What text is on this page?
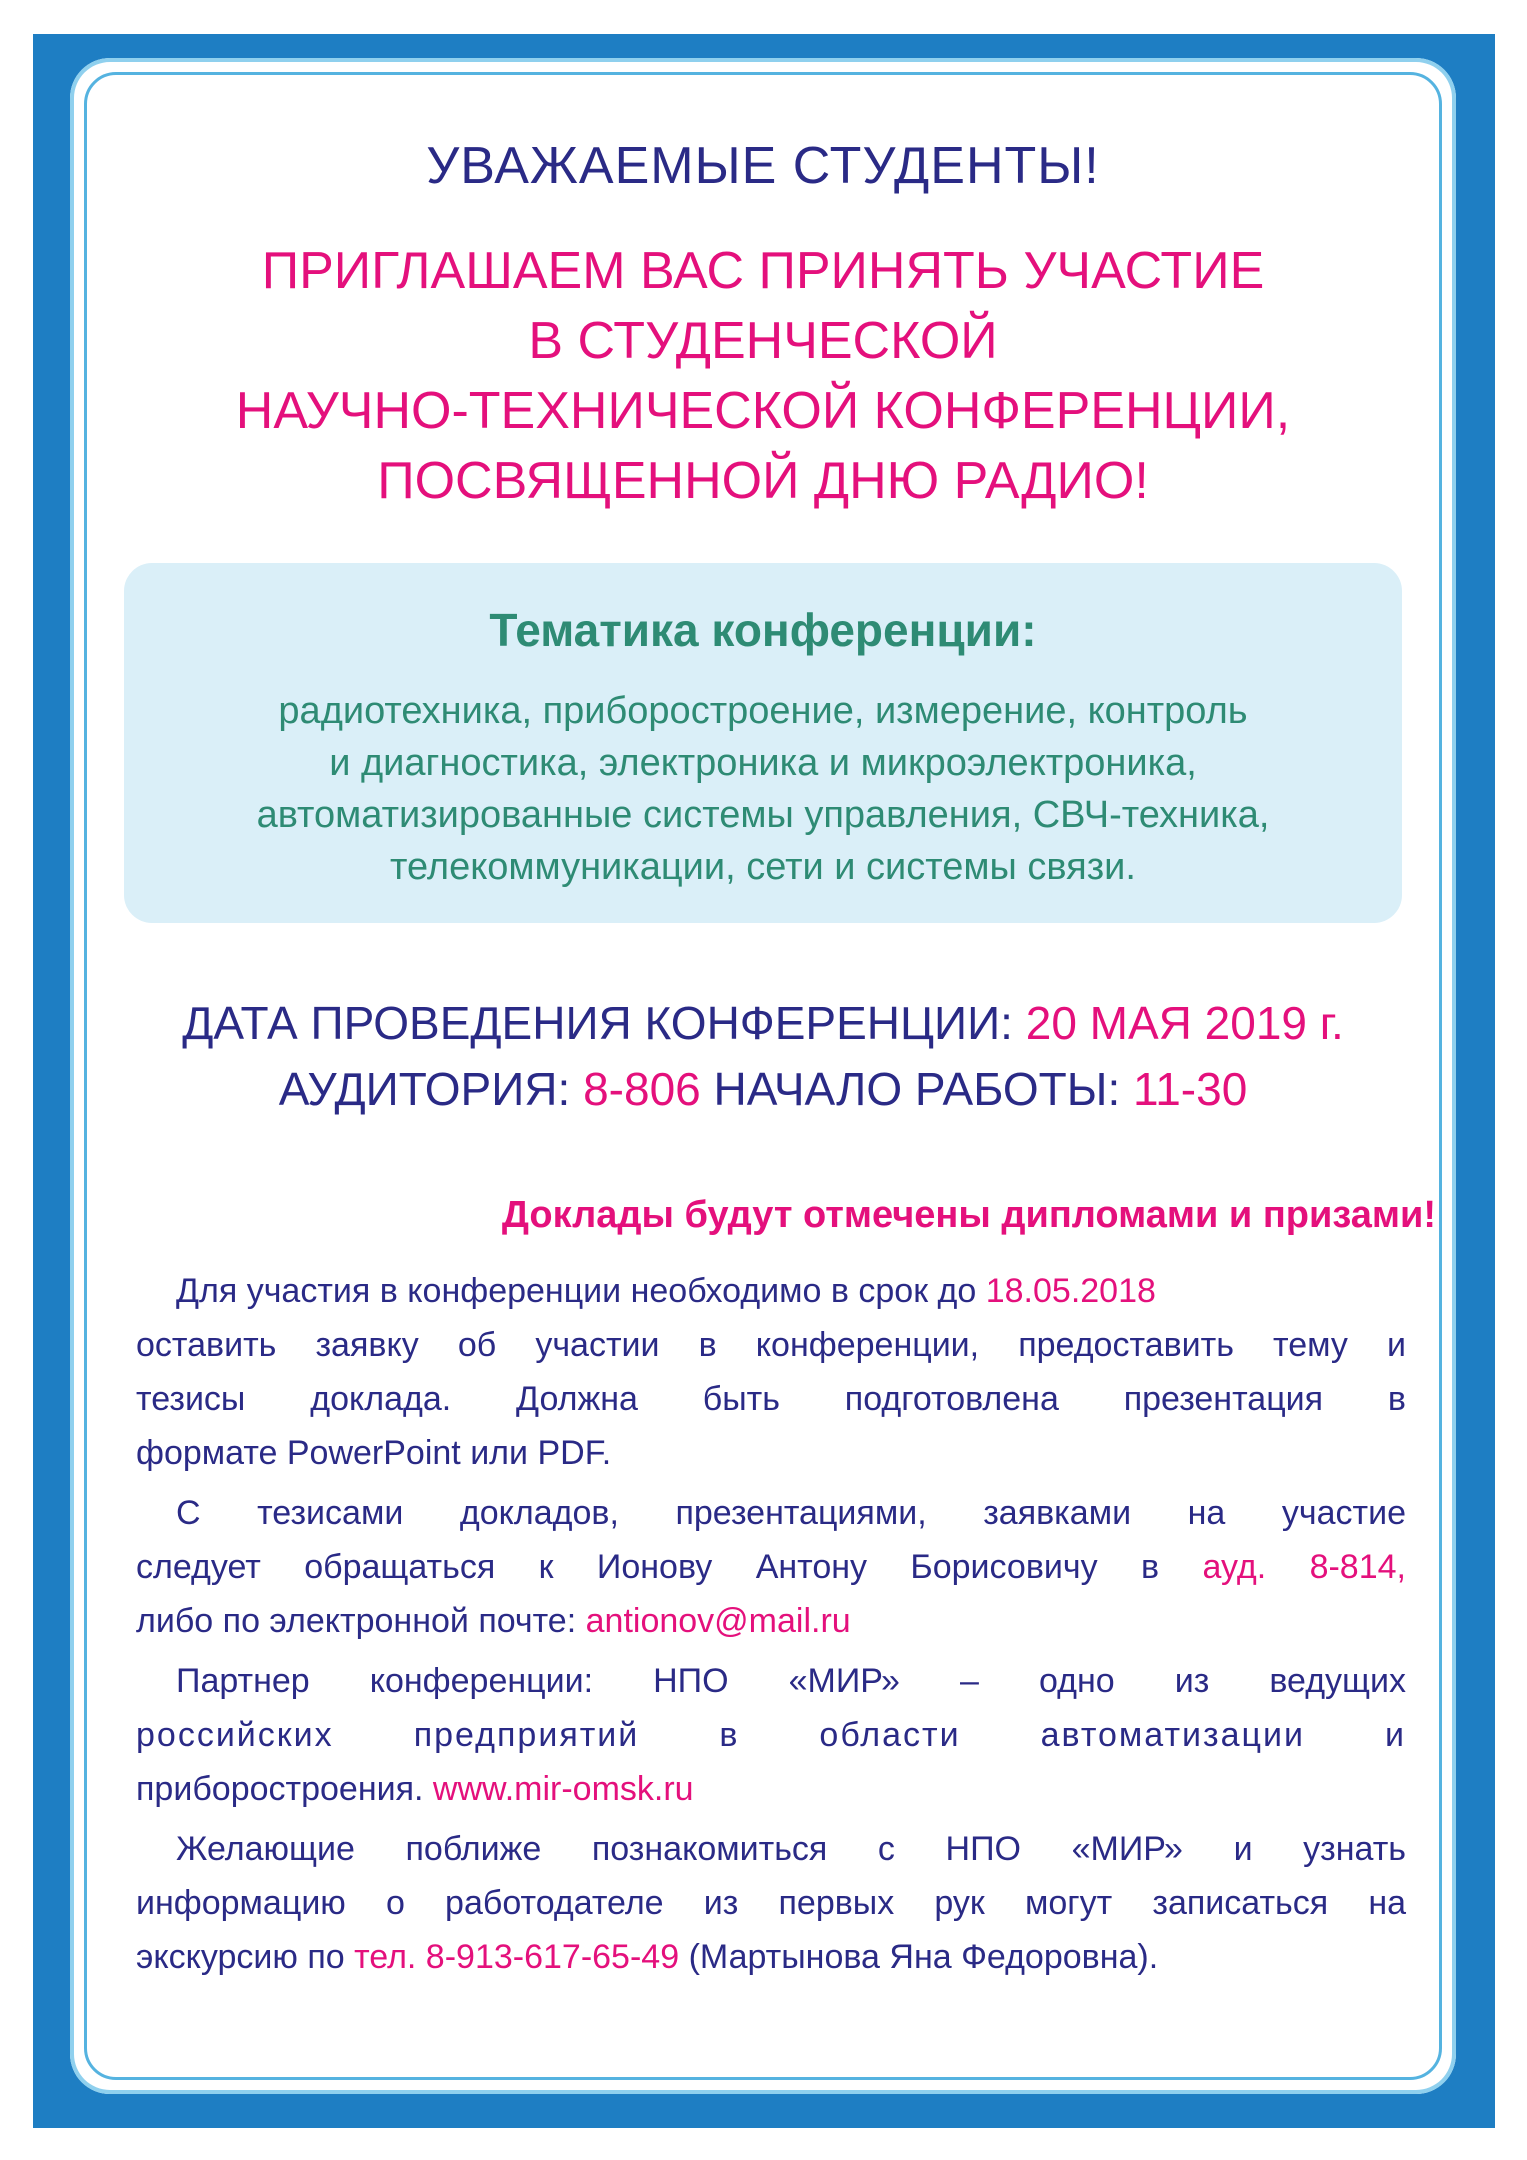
УВАЖАЕМЫЕ СТУДЕНТЫ!
ПРИГЛАШАЕМ ВАС ПРИНЯТЬ УЧАСТИЕ
В СТУДЕНЧЕСКОЙ
НАУЧНО-ТЕХНИЧЕСКОЙ КОНФЕРЕНЦИИ,
ПОСВЯЩЕННОЙ ДНЮ РАДИО!
Тематика конференции:
радиотехника, приборостроение, измерение, контроль
и диагностика, электроника и микроэлектроника,
автоматизированные системы управления, СВЧ-техника,
телекоммуникации, сети и системы связи.
ДАТА ПРОВЕДЕНИЯ КОНФЕРЕНЦИИ: 20 МАЯ 2019 г.
АУДИТОРИЯ: 8-806 НАЧАЛО РАБОТЫ: 11-30
Доклады будут отмечены дипломами и призами!
Для участия в конференции необходимо в срок до 18.05.2018
оставить заявку об участии в конференции, предоставить тему и
тезисы доклада. Должна быть подготовлена презентация в
формате PowerPoint или PDF.
С тезисами докладов, презентациями, заявками на участие
следует обращаться к Ионову Антону Борисовичу в ауд. 8-814,
либо по электронной почте: antionov@mail.ru
Партнер конференции: НПО «МИР» – одно из ведущих
российских предприятий в области автоматизации и
приборостроения. www.mir-omsk.ru
Желающие поближе познакомиться с НПО «МИР» и узнать
информацию о работодателе из первых рук могут записаться на
экскурсию по тел. 8-913-617-65-49 (Мартынова Яна Федоровна).
